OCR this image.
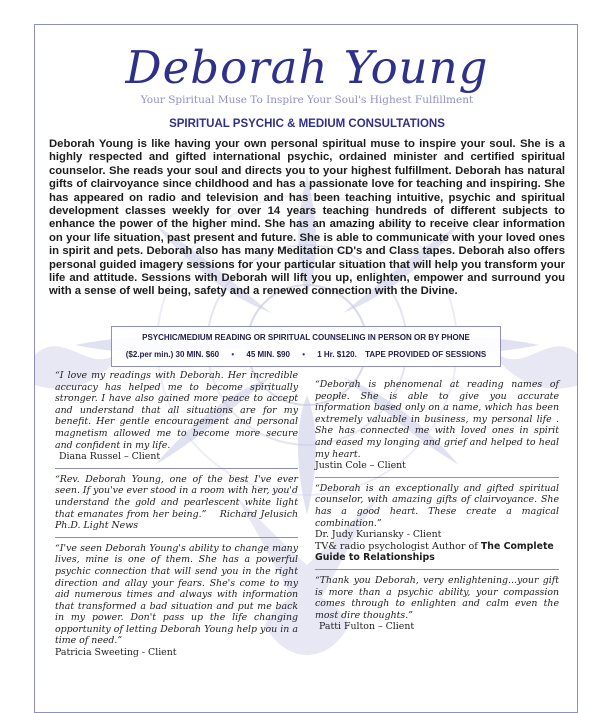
Deborah Young
Your Spiritual Muse To Inspire Your Soul's Highest Fulfillment
SPIRITUAL PSYCHIC & MEDIUM CONSULTATIONS
Deborah Young is like having your own personal spiritual muse to inspire your soul. She is a highly respected and gifted international psychic, ordained minister and certified spiritual counselor. She reads your soul and directs you to your highest fulfillment. Deborah has natural gifts of clairvoyance since childhood and has a passionate love for teaching and inspiring. She has appeared on radio and television and has been teaching intuitive, psychic and spiritual development classes weekly for over 14 years teaching hundreds of different subjects to enhance the power of the higher mind. She has an amazing ability to receive clear information on your life situation, past present and future. She is able to communicate with your loved ones in spirit and pets. Deborah also has many Meditation CD's and Class tapes. Deborah also offers personal guided imagery sessions for your particular situation that will help you transform your life and attitude. Sessions with Deborah will lift you up, enlighten, empower and surround you with a sense of well being, safety and a renewed connection with the Divine.
PSYCHIC/MEDIUM READING OR SPIRITUAL COUNSELING IN PERSON OR BY PHONE
($2.per min.) 30 MIN. $60 • 45 MIN. $90 • 1 Hr. $120. TAPE PROVIDED OF SESSIONS
“I love my readings with Deborah. Her incredible accuracy has helped me to become spiritually stronger. I have also gained more peace to accept and understand that all situations are for my benefit. Her gentle encouragement and personal magnetism allowed me to become more secure and confident in my life.
Diana Russel – Client
“Rev. Deborah Young, one of the best I've ever seen. If you've ever stood in a room with her, you'd understand the gold and pearlescent white light that emanates from her being.” Richard Jelusich Ph.D. Light News
“I've seen Deborah Young's ability to change many lives, mine is one of them. She has a powerful psychic connection that will send you in the right direction and allay your fears. She's come to my aid numerous times and always with information that transformed a bad situation and put me back in my power. Don't pass up the life changing opportunity of letting Deborah Young help you in a time of need.”
Patricia Sweeting - Client
“Deborah is phenomenal at reading names of people. She is able to give you accurate information based only on a name, which has been extremely valuable in business, my personal life . She has connected me with loved ones in spirit and eased my longing and grief and helped to heal my heart.
Justin Cole – Client
“Deborah is an exceptionally and gifted spiritual counselor, with amazing gifts of clairvoyance. She has a good heart. These create a magical combination.”
Dr. Judy Kuriansky - Client
TV& radio psychologist Author of The Complete Guide to Relationships
“Thank you Deborah, very enlightening...your gift is more than a psychic ability, your compassion comes through to enlighten and calm even the most dire thoughts.”
Patti Fulton – Client
